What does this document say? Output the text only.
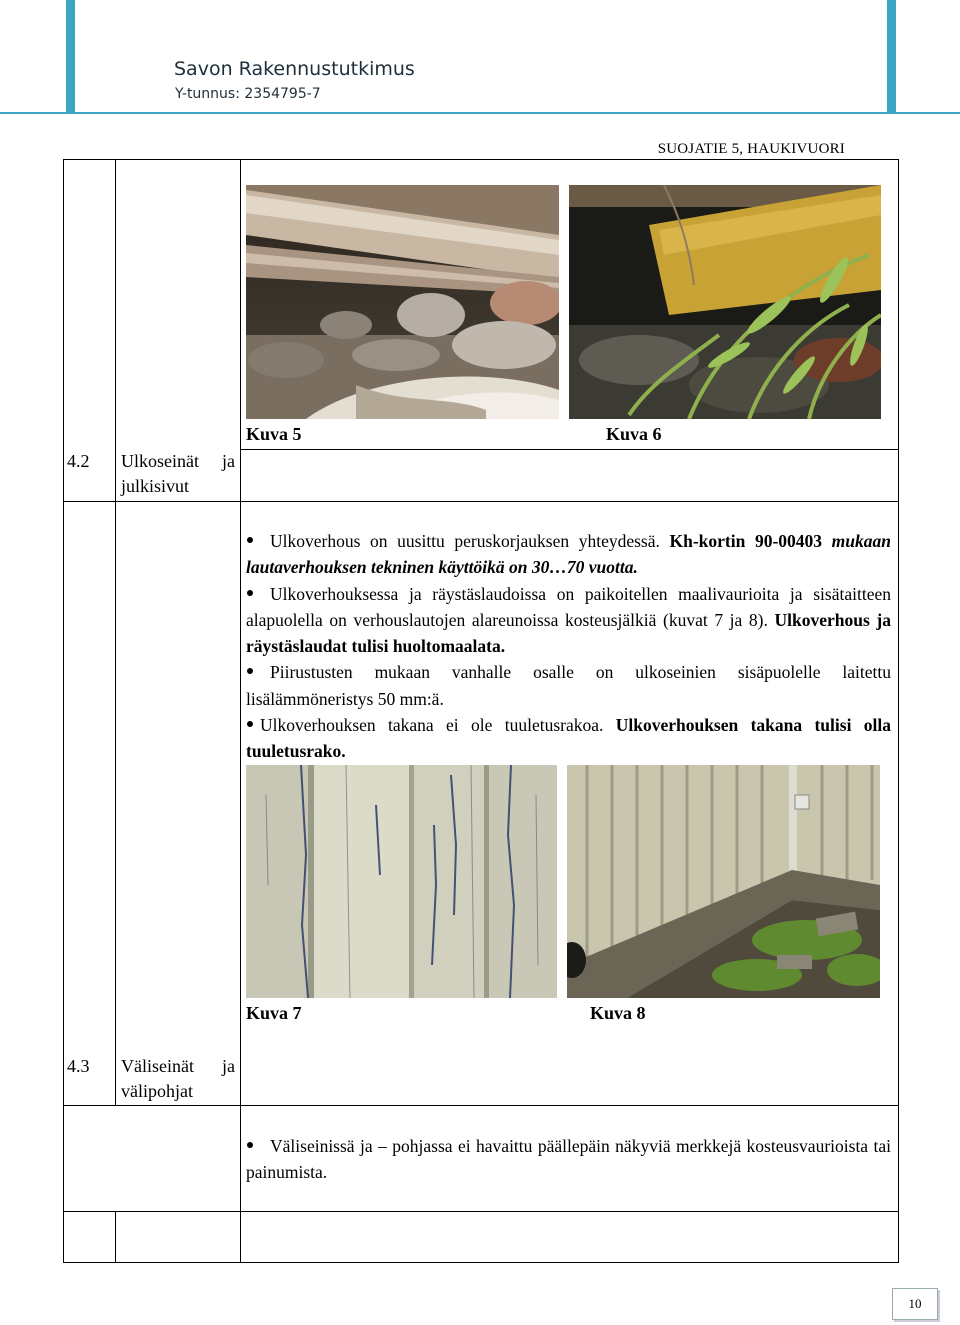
Savon Rakennustutkimus
Y-tunnus: 2354795-7
SUOJATIE 5, HAUKIVUORI
4.2	Ulkoseinät ja julkisivut
Kuva 5	Kuva 6

Ulkoverhous on uusittu peruskorjauksen yhteydessä. Kh-kortin 90-00403 mukaan lautaverhouksen tekninen käyttöikä on 30…70 vuotta.

Ulkoverhouksessa ja räystäslaudoissa on paikoitellen maalivaurioita ja sisätaitteen alapuolella on verhouslautojen alareunoissa kosteusjälkiä (kuvat 7 ja 8). Ulkoverhous ja räystäslaudat tulisi huoltomaalata.

Piirustusten mukaan vanhalle osalle on ulkoseinien sisäpuolelle laitettu lisälämmöneristys 50 mm:ä.

Ulkoverhouksen takana ei ole tuuletusrakoa. Ulkoverhouksen takana tulisi olla tuuletusrako.

Kuva 7	Kuva 8
4.3	Väliseinät ja välipohjat

Väliseinissä ja – pohjassa ei havaittu päällepäin näkyviä merkkejä kosteusvaurioista tai painumista.

10
